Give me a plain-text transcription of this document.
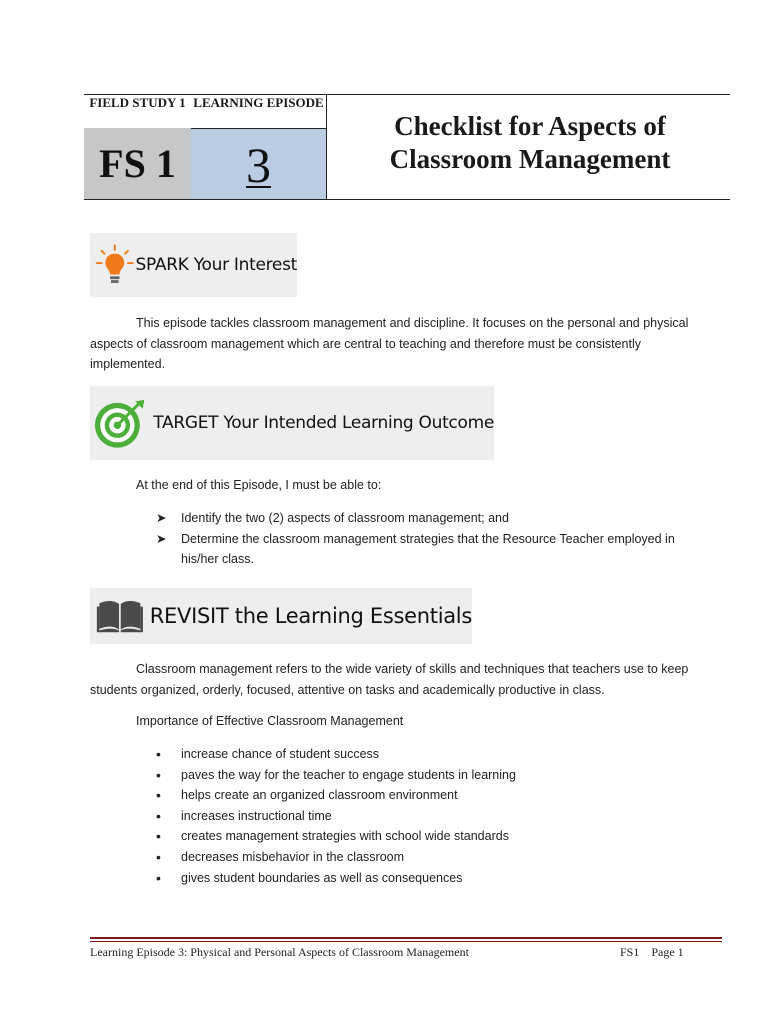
FIELD STUDY 1 LEARNING EPISODE
FS 1	3
Checklist for Aspects of
Classroom Management
SPARK Your Interest
This episode tackles classroom management and discipline. It focuses on the personal and physical aspects of classroom management which are central to teaching and therefore must be consistently implemented.
TARGET Your Intended Learning Outcome
At the end of this Episode, I must be able to:
➤	Identify the two (2) aspects of classroom management; and
➤	Determine the classroom management strategies that the Resource Teacher employed in his/her class.
REVISIT the Learning Essentials
Classroom management refers to the wide variety of skills and techniques that teachers use to keep students organized, orderly, focused, attentive on tasks and academically productive in class.
Importance of Effective Classroom Management
•	increase chance of student success
•	paves the way for the teacher to engage students in learning
•	helps create an organized classroom environment
•	increases instructional time
•	creates management strategies with school wide standards
•	decreases misbehavior in the classroom
•	gives student boundaries as well as consequences
Learning Episode 3: Physical and Personal Aspects of Classroom Management	FS1    Page 1
